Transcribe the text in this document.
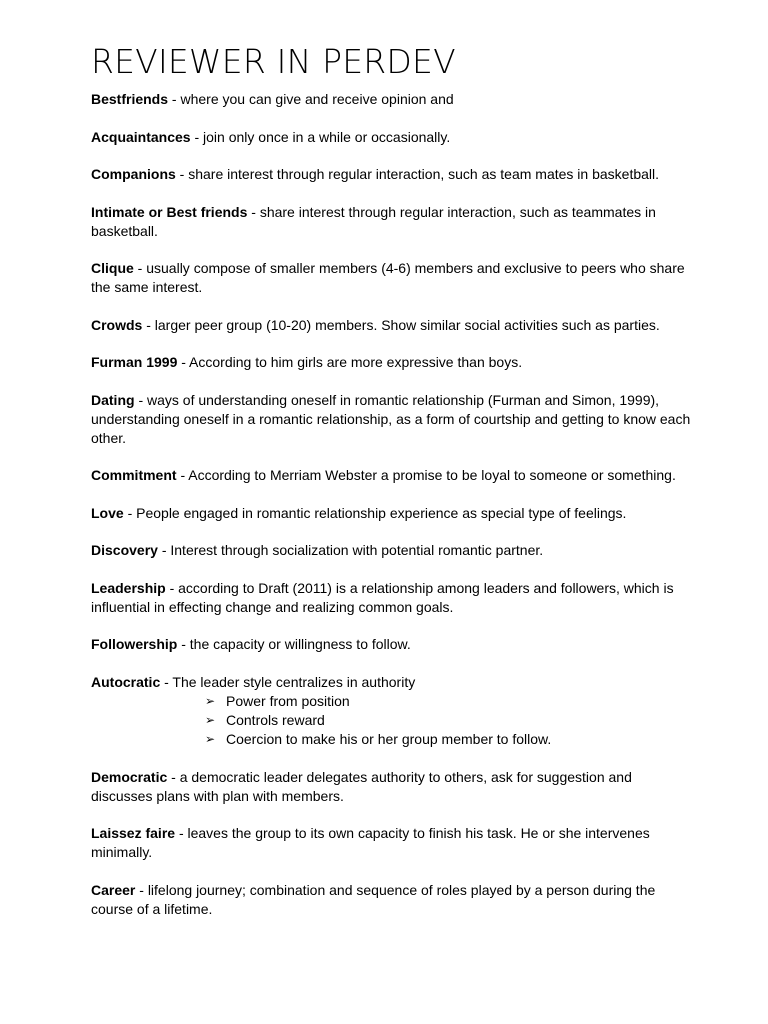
REVIEWER IN PERDEV

Bestfriends - where you can give and receive opinion and

Acquaintances - join only once in a while or occasionally.

Companions - share interest through regular interaction, such as team mates in basketball.

Intimate or Best friends - share interest through regular interaction, such as teammates in basketball.

Clique - usually compose of smaller members (4-6) members and exclusive to peers who share the same interest.

Crowds - larger peer group (10-20) members. Show similar social activities such as parties.

Furman 1999 - According to him girls are more expressive than boys.

Dating - ways of understanding oneself in romantic relationship (Furman and Simon, 1999), understanding oneself in a romantic relationship, as a form of courtship and getting to know each other.

Commitment - According to Merriam Webster a promise to be loyal to someone or something.

Love - People engaged in romantic relationship experience as special type of feelings.

Discovery - Interest through socialization with potential romantic partner.

Leadership - according to Draft (2011) is a relationship among leaders and followers, which is influential in effecting change and realizing common goals.

Followership - the capacity or willingness to follow.

Autocratic - The leader style centralizes in authority
➢ Power from position
➢ Controls reward
➢ Coercion to make his or her group member to follow.

Democratic - a democratic leader delegates authority to others, ask for suggestion and discusses plans with plan with members.

Laissez faire - leaves the group to its own capacity to finish his task. He or she intervenes minimally.

Career - lifelong journey; combination and sequence of roles played by a person during the course of a lifetime.
